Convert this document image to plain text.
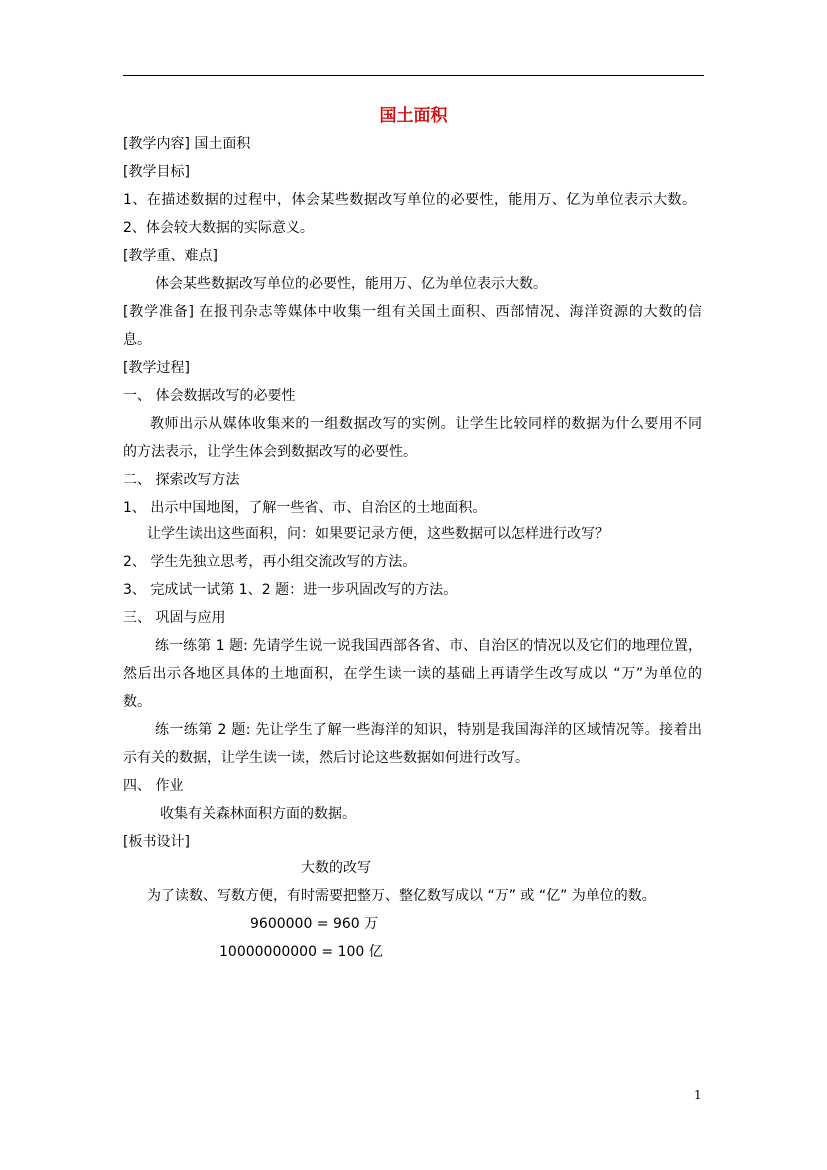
国土面积
[教学内容] 国土面积
[教学目标]
1、在描述数据的过程中，体会某些数据改写单位的必要性，能用万、亿为单位表示大数。
2、体会较大数据的实际意义。
[教学重、难点]
体会某些数据改写单位的必要性，能用万、亿为单位表示大数。
[教学准备] 在报刊杂志等媒体中收集一组有关国土面积、西部情况、海洋资源的大数的信
息。
[教学过程]
一、 体会数据改写的必要性
教师出示从媒体收集来的一组数据改写的实例。让学生比较同样的数据为什么要用不同
的方法表示，让学生体会到数据改写的必要性。
二、 探索改写方法
1、 出示中国地图，了解一些省、市、自治区的土地面积。
让学生读出这些面积，问：如果要记录方便，这些数据可以怎样进行改写？
2、 学生先独立思考，再小组交流改写的方法。
3、 完成试一试第 1、2 题：进一步巩固改写的方法。
三、 巩固与应用
练一练第 1 题: 先请学生说一说我国西部各省、市、自治区的情况以及它们的地理位置，
然后出示各地区具体的土地面积，在学生读一读的基础上再请学生改写成以 “万”为单位的
数。
练一练第 2 题: 先让学生了解一些海洋的知识，特别是我国海洋的区域情况等。接着出
示有关的数据，让学生读一读，然后讨论这些数据如何进行改写。
四、 作业
收集有关森林面积方面的数据。
[板书设计]
大数的改写
为了读数、写数方便，有时需要把整万、整亿数写成以 “万” 或 “亿” 为单位的数。
9600000 = 960 万
10000000000 = 100 亿
1
